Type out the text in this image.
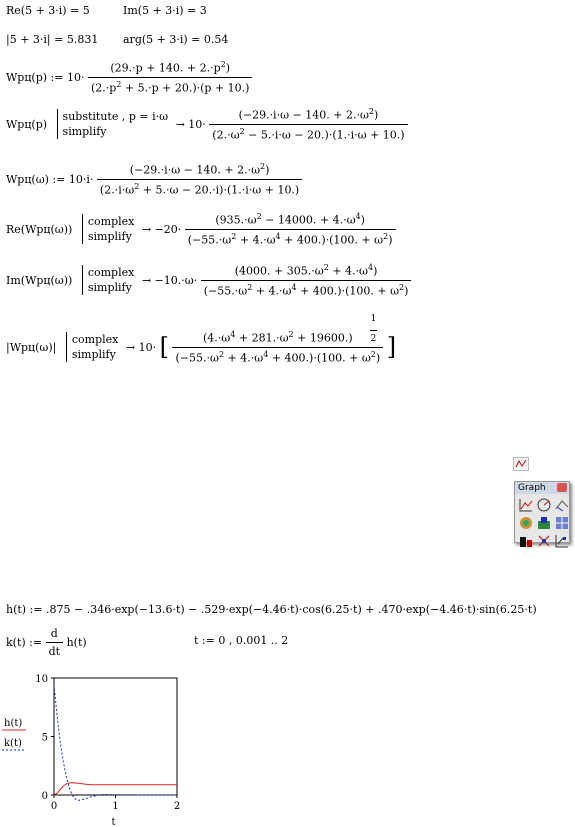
Re(5 + 3·i) = 5	Im(5 + 3·i) = 3
|5 + 3·i| = 5.831 arg(5 + 3·i) = 0.54
Wpц(p) := $10\cdot \frac{(29.\cdot p + 140. + 2.\cdot p^2)}{(2.\cdot p^2 + 5.\cdot p + 20.)\cdot(p + 10.)}$
Wpц(p) substitute , p = i·ω
simplify → $10\cdot \frac{(-29.\cdot i\cdot\omega - 140. + 2.\cdot\omega^2)}{(2.\cdot\omega^2 - 5.\cdot i\cdot\omega - 20.)\cdot(1.\cdot i\cdot\omega + 10.)}$
Wpц(ω) := $10\cdot i\cdot \frac{(-29.\cdot i\cdot\omega - 140. + 2.\cdot\omega^2)}{(2.\cdot i\cdot\omega^2 + 5.\cdot\omega - 20.\cdot i)\cdot(1.\cdot i\cdot\omega + 10.)}$
Re(Wpц(ω)) complex
simplify → $-20\cdot \frac{(935.\cdot\omega^2 - 14000. + 4.\cdot\omega^4)}{(-55.\cdot\omega^2 + 4.\cdot\omega^4 + 400.)\cdot(100. + \omega^2)}$
Im(Wpц(ω)) complex
simplify → $-10.\cdot\omega\cdot \frac{(4000. + 305.\cdot\omega^2 + 4.\cdot\omega^4)}{(-55.\cdot\omega^2 + 4.\cdot\omega^4 + 400.)\cdot(100. + \omega^2)}$
|Wpц(ω)| complex
simplify → 10· [ $\frac{(4.\cdot\omega^4 + 281.\cdot\omega^2 + 19600.)}{(-55.\cdot\omega^2 + 4.\cdot\omega^4 + 400.)\cdot(100. + \omega^2)}$ ]
1

2
Graph
h(t) := .875 − .346·exp(−13.6·t) − .529·exp(−4.46·t)·cos(6.25·t) + .470·exp(−4.46·t)·sin(6.25·t)
k(t) := $\frac{d}{dt} h(t)$	t := 0 , 0.001 .. 2
0
5
10
0	1	2
t
h(t)
k(t)
